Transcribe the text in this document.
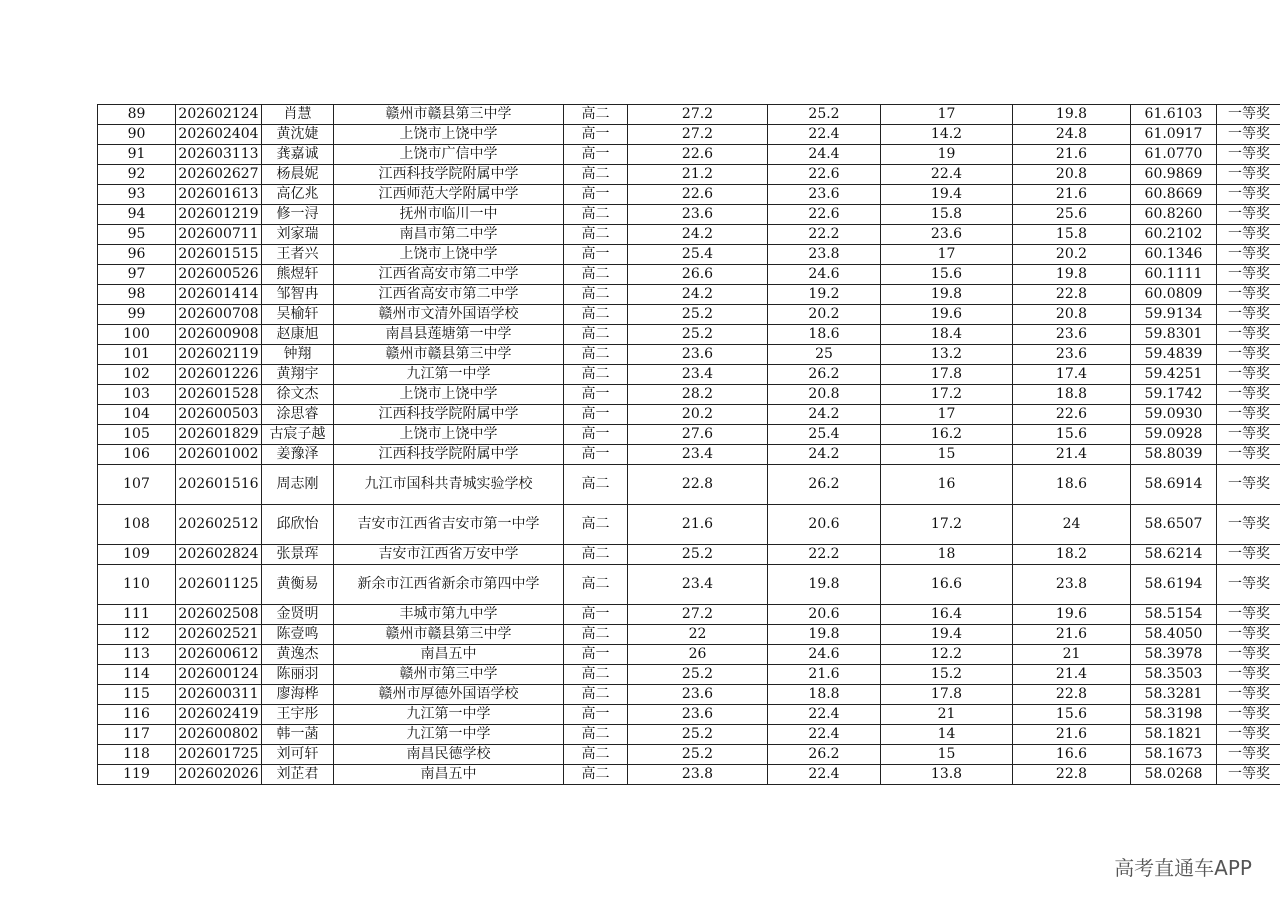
89	202602124	肖慧	赣州市赣县第三中学	高二	27.2	25.2	17	19.8	61.6103	一等奖
90	202602404	黄沈婕	上饶市上饶中学	高一	27.2	22.4	14.2	24.8	61.0917	一等奖
91	202603113	龚嘉诚	上饶市广信中学	高一	22.6	24.4	19	21.6	61.0770	一等奖
92	202602627	杨晨妮	江西科技学院附属中学	高二	21.2	22.6	22.4	20.8	60.9869	一等奖
93	202601613	高亿兆	江西师范大学附属中学	高一	22.6	23.6	19.4	21.6	60.8669	一等奖
94	202601219	修一浔	抚州市临川一中	高二	23.6	22.6	15.8	25.6	60.8260	一等奖
95	202600711	刘家瑞	南昌市第二中学	高二	24.2	22.2	23.6	15.8	60.2102	一等奖
96	202601515	王者兴	上饶市上饶中学	高一	25.4	23.8	17	20.2	60.1346	一等奖
97	202600526	熊煜轩	江西省高安市第二中学	高二	26.6	24.6	15.6	19.8	60.1111	一等奖
98	202601414	邹智冉	江西省高安市第二中学	高二	24.2	19.2	19.8	22.8	60.0809	一等奖
99	202600708	吴榆轩	赣州市文清外国语学校	高二	25.2	20.2	19.6	20.8	59.9134	一等奖
100	202600908	赵康旭	南昌县莲塘第一中学	高二	25.2	18.6	18.4	23.6	59.8301	一等奖
101	202602119	钟翔	赣州市赣县第三中学	高二	23.6	25	13.2	23.6	59.4839	一等奖
102	202601226	黄翔宇	九江第一中学	高二	23.4	26.2	17.8	17.4	59.4251	一等奖
103	202601528	徐文杰	上饶市上饶中学	高一	28.2	20.8	17.2	18.8	59.1742	一等奖
104	202600503	涂思睿	江西科技学院附属中学	高一	20.2	24.2	17	22.6	59.0930	一等奖
105	202601829	古宸子越	上饶市上饶中学	高一	27.6	25.4	16.2	15.6	59.0928	一等奖
106	202601002	姜豫泽	江西科技学院附属中学	高一	23.4	24.2	15	21.4	58.8039	一等奖
107	202601516	周志刚	九江市国科共青城实验学校	高二	22.8	26.2	16	18.6	58.6914	一等奖
108	202602512	邱欣怡	吉安市江西省吉安市第一中学	高二	21.6	20.6	17.2	24	58.6507	一等奖
109	202602824	张景珲	吉安市江西省万安中学	高二	25.2	22.2	18	18.2	58.6214	一等奖
110	202601125	黄衡易	新余市江西省新余市第四中学	高二	23.4	19.8	16.6	23.8	58.6194	一等奖
111	202602508	金贤明	丰城市第九中学	高一	27.2	20.6	16.4	19.6	58.5154	一等奖
112	202602521	陈壹鸣	赣州市赣县第三中学	高二	22	19.8	19.4	21.6	58.4050	一等奖
113	202600612	黄逸杰	南昌五中	高一	26	24.6	12.2	21	58.3978	一等奖
114	202600124	陈丽羽	赣州市第三中学	高二	25.2	21.6	15.2	21.4	58.3503	一等奖
115	202600311	廖海桦	赣州市厚德外国语学校	高二	23.6	18.8	17.8	22.8	58.3281	一等奖
116	202602419	王宇彤	九江第一中学	高一	23.6	22.4	21	15.6	58.3198	一等奖
117	202600802	韩一菡	九江第一中学	高二	25.2	22.4	14	21.6	58.1821	一等奖
118	202601725	刘可轩	南昌民德学校	高二	25.2	26.2	15	16.6	58.1673	一等奖
119	202602026	刘芷君	南昌五中	高二	23.8	22.4	13.8	22.8	58.0268	一等奖
高考直通车APP
